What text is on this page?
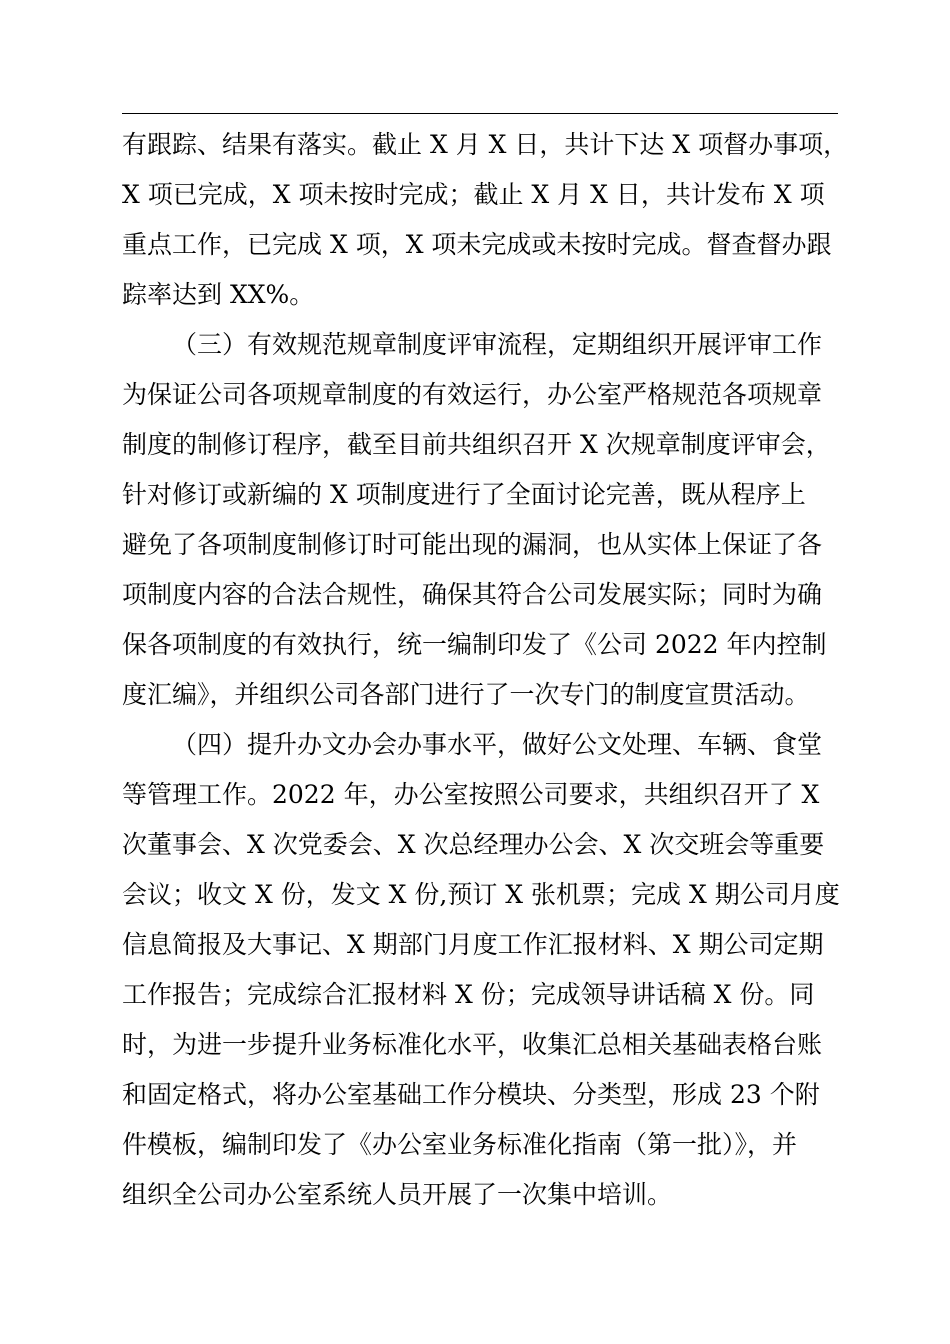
有跟踪、结果有落实。截止 X 月 X 日，共计下达 X 项督办事项，
X 项已完成，X 项未按时完成；截止 X 月 X 日，共计发布 X 项
重点工作，已完成 X 项，X 项未完成或未按时完成。督查督办跟
踪率达到 XX%。
（三）有效规范规章制度评审流程，定期组织开展评审工作
为保证公司各项规章制度的有效运行，办公室严格规范各项规章
制度的制修订程序，截至目前共组织召开 X 次规章制度评审会，
针对修订或新编的 X 项制度进行了全面讨论完善，既从程序上
避免了各项制度制修订时可能出现的漏洞，也从实体上保证了各
项制度内容的合法合规性，确保其符合公司发展实际；同时为确
保各项制度的有效执行，统一编制印发了《公司 2022 年内控制
度汇编》，并组织公司各部门进行了一次专门的制度宣贯活动。
（四）提升办文办会办事水平，做好公文处理、车辆、食堂
等管理工作。2022 年，办公室按照公司要求，共组织召开了 X
次董事会、X 次党委会、X 次总经理办公会、X 次交班会等重要
会议；收文 X 份，发文 X 份,预订 X 张机票；完成 X 期公司月度
信息简报及大事记、X 期部门月度工作汇报材料、X 期公司定期
工作报告；完成综合汇报材料 X 份；完成领导讲话稿 X 份。同
时，为进一步提升业务标准化水平，收集汇总相关基础表格台账
和固定格式，将办公室基础工作分模块、分类型，形成 23 个附
件模板，编制印发了《办公室业务标准化指南（第一批）》，并
组织全公司办公室系统人员开展了一次集中培训。
